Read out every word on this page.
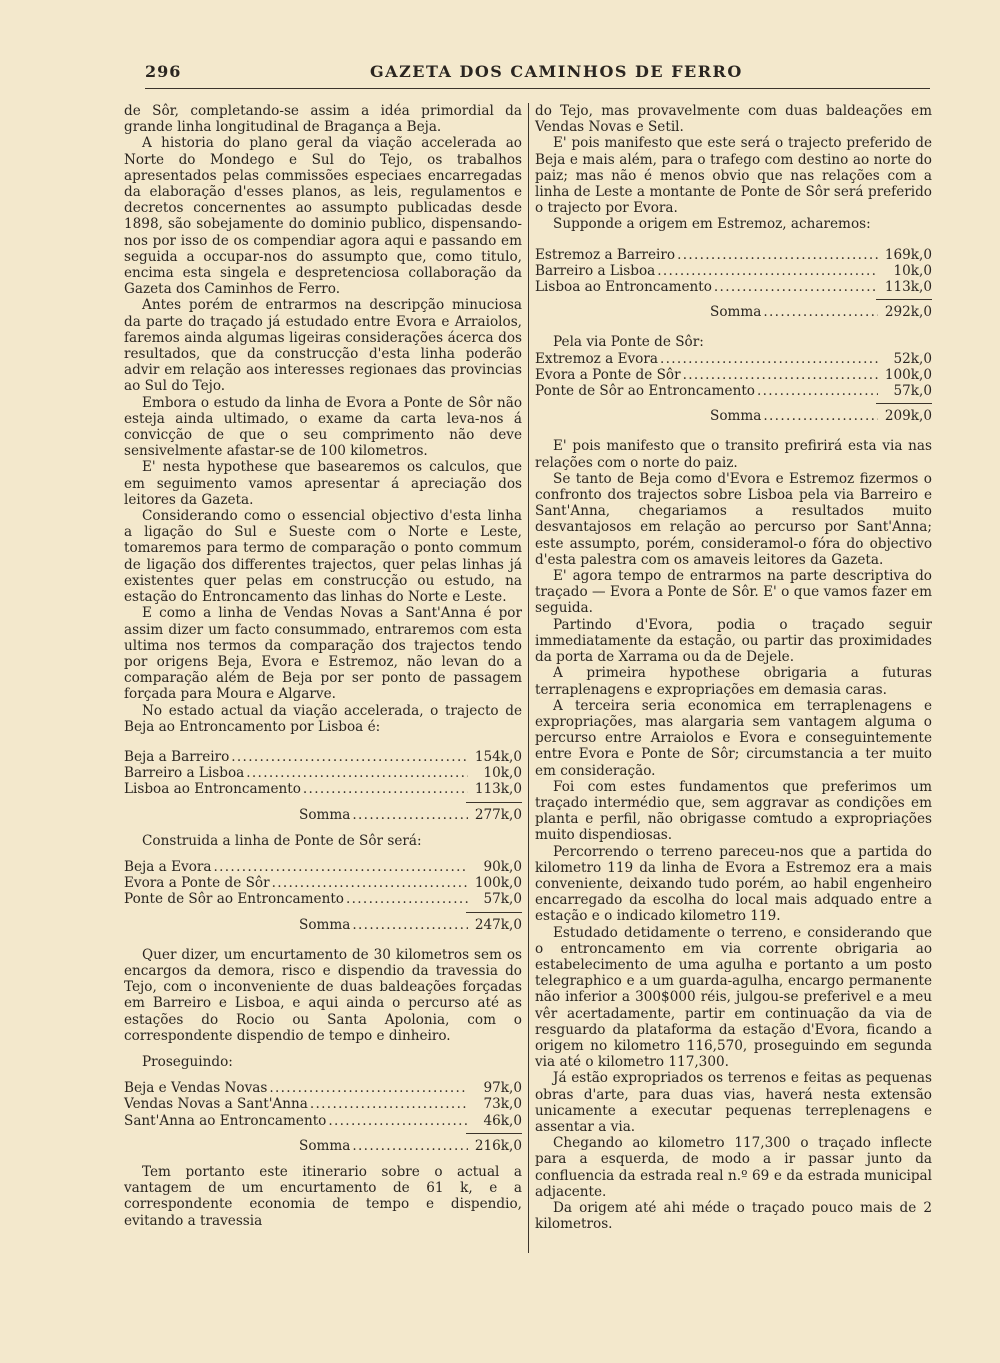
296	GAZETA DOS CAMINHOS DE FERRO

de Sôr, completando-se assim a idéa primordial da grande linha longitudinal de Bragança a Beja.

A historia do plano geral da viação accelerada ao Norte do Mondego e Sul do Tejo, os trabalhos apresentados pelas commissões especiaes encarregadas da elaboração d'esses planos, as leis, regulamentos e decretos concernentes ao assumpto publicadas desde 1898, são sobejamente do dominio publico, dispensando-nos por isso de os compendiar agora aqui e passando em seguida a occupar-nos do assumpto que, como titulo, encima esta singela e despretenciosa collaboração da Gazeta dos Caminhos de Ferro.

Antes porém de entrarmos na descripção minuciosa da parte do traçado já estudado entre Evora e Arraiolos, faremos ainda algumas ligeiras considerações ácerca dos resultados, que da construcção d'esta linha poderão advir em relação aos interesses regionaes das provincias ao Sul do Tejo.

Embora o estudo da linha de Evora a Ponte de Sôr não esteja ainda ultimado, o exame da carta leva-nos á convicção de que o seu comprimento não deve sensivelmente afastar-se de 100 kilometros.

E' nesta hypothese que basearemos os calculos, que em seguimento vamos apresentar á apreciação dos leitores da Gazeta.

Considerando como o essencial objectivo d'esta linha a ligação do Sul e Sueste com o Norte e Leste, tomaremos para termo de comparação o ponto commum de ligação dos differentes trajectos, quer pelas linhas já existentes quer pelas em construcção ou estudo, na estação do Entroncamento das linhas do Norte e Leste.

E como a linha de Vendas Novas a Sant'Anna é por assim dizer um facto consummado, entraremos com esta ultima nos termos da comparação dos trajectos tendo por origens Beja, Evora e Estremoz, não levan do a comparação além de Beja por ser ponto de passagem forçada para Moura e Algarve.

No estado actual da viação accelerada, o trajecto de Beja ao Entroncamento por Lisboa é:

Beja a Barreiro . . .	154k,0
Barreiro a Lisboa . . .	10k,0
Lisboa ao Entroncamento . . .	113k,0
Somma . . .	277k,0

Construida a linha de Ponte de Sôr será:

Beja a Evora . . .	90k,0
Evora a Ponte de Sôr . . .	100k,0
Ponte de Sôr ao Entroncamento . . .	57k,0
Somma . . .	247k,0

Quer dizer, um encurtamento de 30 kilometros sem os encargos da demora, risco e dispendio da travessia do Tejo, com o inconveniente de duas baldeações forçadas em Barreiro e Lisboa, e aqui ainda o percurso até as estações do Rocio ou Santa Apolonia, com o correspondente dispendio de tempo e dinheiro.

Proseguindo:

Beja e Vendas Novas . . .	97k,0
Vendas Novas a Sant'Anna . . .	73k,0
Sant'Anna ao Entroncamento . . .	46k,0
Somma . . .	216k,0

Tem portanto este itinerario sobre o actual a vantagem de um encurtamento de 61 k, e a correspondente economia de tempo e dispendio, evitando a travessia

do Tejo, mas provavelmente com duas baldeações em Vendas Novas e Setil.

E' pois manifesto que este será o trajecto preferido de Beja e mais além, para o trafego com destino ao norte do paiz; mas não é menos obvio que nas relações com a linha de Leste a montante de Ponte de Sôr será preferido o trajecto por Evora.

Supponde a origem em Estremoz, acharemos:

Estremoz a Barreiro . . .	169k,0
Barreiro a Lisboa . . .	10k,0
Lisboa ao Entroncamento . . .	113k,0
Somma . . .	292k,0

Pela via Ponte de Sôr:

Extremoz a Evora . . .	52k,0
Evora a Ponte de Sôr . . .	100k,0
Ponte de Sôr ao Entroncamento . . .	57k,0
Somma . . .	209k,0

E' pois manifesto que o transito prefirirá esta via nas relações com o norte do paiz.

Se tanto de Beja como d'Evora e Estremoz fizermos o confronto dos trajectos sobre Lisboa pela via Barreiro e Sant'Anna, chegariamos a resultados muito desvantajosos em relação ao percurso por Sant'Anna; este assumpto, porém, consideramol-o fóra do objectivo d'esta palestra com os amaveis leitores da Gazeta.

E' agora tempo de entrarmos na parte descriptiva do traçado — Evora a Ponte de Sôr. E' o que vamos fazer em seguida.

Partindo d'Evora, podia o traçado seguir immediatamente da estação, ou partir das proximidades da porta de Xarrama ou da de Dejele.

A primeira hypothese obrigaria a futuras terraplenagens e expropriações em demasia caras.

A terceira seria economica em terraplenagens e expropriações, mas alargaria sem vantagem alguma o percurso entre Arraiolos e Evora e conseguintemente entre Evora e Ponte de Sôr; circumstancia a ter muito em consideração.

Foi com estes fundamentos que preferimos um traçado intermédio que, sem aggravar as condições em planta e perfil, não obrigasse comtudo a expropriações muito dispendiosas.

Percorrendo o terreno pareceu-nos que a partida do kilometro 119 da linha de Evora a Estremoz era a mais conveniente, deixando tudo porém, ao habil engenheiro encarregado da escolha do local mais adquado entre a estação e o indicado kilometro 119.

Estudado detidamente o terreno, e considerando que o entroncamento em via corrente obrigaria ao estabelecimento de uma agulha e portanto a um posto telegraphico e a um guarda-agulha, encargo permanente não inferior a 300$000 réis, julgou-se preferivel e a meu vêr acertadamente, partir em continuação da via de resguardo da plataforma da estação d'Evora, ficando a origem no kilometro 116,570, proseguindo em segunda via até o kilometro 117,300.

Já estão expropriados os terrenos e feitas as pequenas obras d'arte, para duas vias, haverá nesta extensão unicamente a executar pequenas terreplenagens e assentar a via.

Chegando ao kilometro 117,300 o traçado inflecte para a esquerda, de modo a ir passar junto da confluencia da estrada real n.º 69 e da estrada municipal adjacente.

Da origem até ahi méde o traçado pouco mais de 2 kilometros.
